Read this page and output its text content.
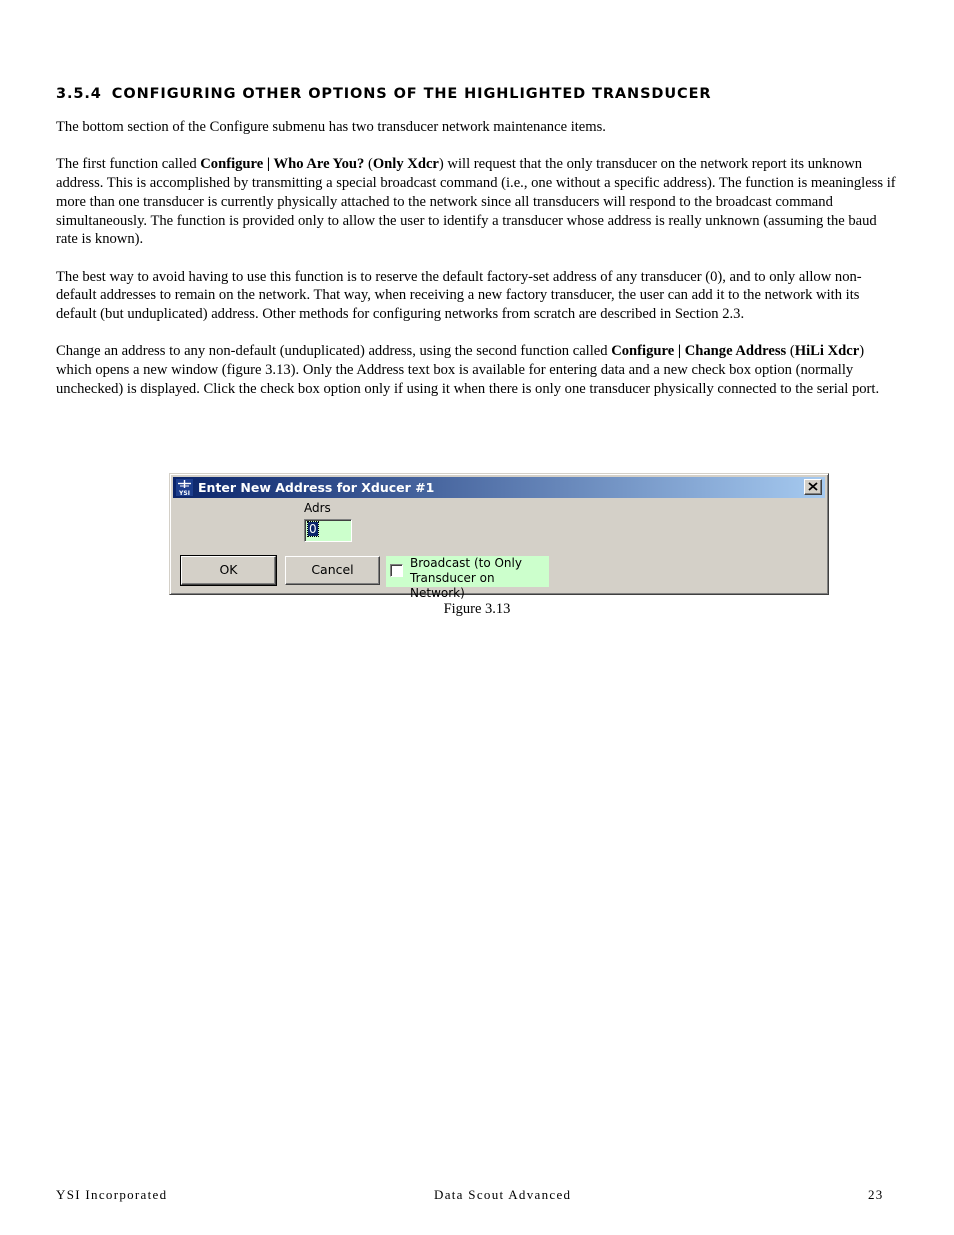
3.5.4 CONFIGURING OTHER OPTIONS OF THE HIGHLIGHTED TRANSDUCER

The bottom section of the Configure submenu has two transducer network maintenance items.

The first function called Configure | Who Are You? (Only Xdcr) will request that the only transducer on the network report its unknown address. This is accomplished by transmitting a special broadcast command (i.e., one without a specific address). The function is meaningless if more than one transducer is currently physically attached to the network since all transducers will respond to the broadcast command simultaneously. The function is provided only to allow the user to identify a transducer whose address is really unknown (assuming the baud rate is known).

The best way to avoid having to use this function is to reserve the default factory-set address of any transducer (0), and to only allow non-default addresses to remain on the network. That way, when receiving a new factory transducer, the user can add it to the network with its default (but unduplicated) address. Other methods for configuring networks from scratch are described in Section 2.3.

Change an address to any non-default (unduplicated) address, using the second function called Configure | Change Address (HiLi Xdcr) which opens a new window (figure 3.13). Only the Address text box is available for entering data and a new check box option (normally unchecked) is displayed. Click the check box option only if using it when there is only one transducer physically connected to the serial port.

YSI Enter New Address for Xducer #1
Adrs
0
OK	Cancel	Broadcast (to Only
Transducer on Network)
Figure 3.13
YSI Incorporated	Data Scout Advanced	23
